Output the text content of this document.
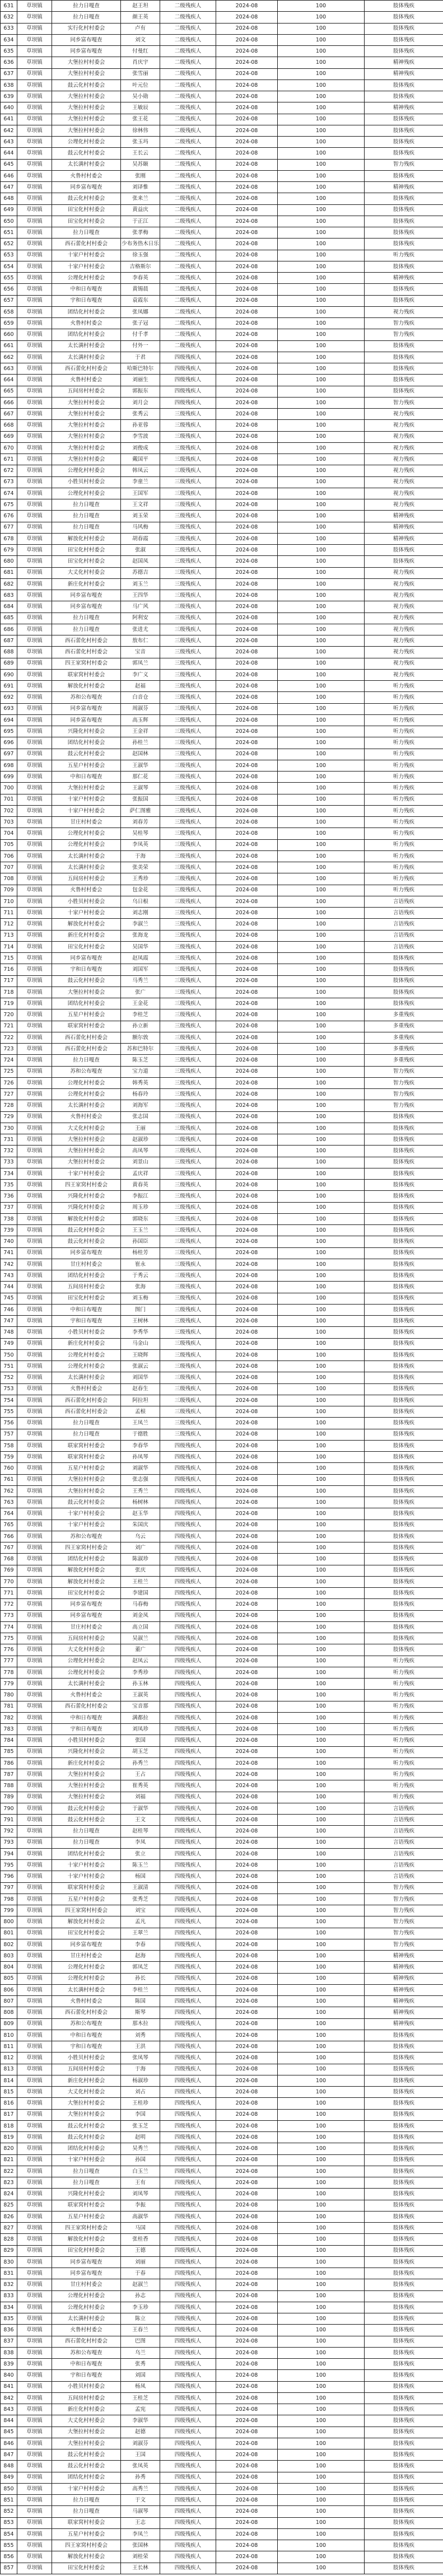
631	草坝镇	拉力日嘎查	赵王坦	二级残疾人	2024-08	100	肢体残疾
632	草坝镇	拉力日嘎查	颜王英	二级残疾人	2024-08	100	肢体残疾
633	草坝镇	实行化村村委会	卢有	二级残疾人	2024-08	100	肢体残疾
634	草坝镇	同乡富布嘎查	刘文	二级残疾人	2024-08	100	肢体残疾
635	草坝镇	同乡富布嘎查	付曼红	二级残疾人	2024-08	100	肢体残疾
636	草坝镇	大堡拉村村委会	肖庆宇	二级残疾人	2024-08	100	精神残疾
637	草坝镇	大堡拉村村委会	张雪丽	二级残疾人	2024-08	100	精神残疾
638	草坝镇	鼓云化村村委会	叶元位	二级残疾人	2024-08	100	肢体残疾
639	草坝镇	大堡拉村村委会	吴小勋	二级残疾人	2024-08	100	肢体残疾
640	草坝镇	大堡拉村村委会	王敏辰	二级残疾人	2024-08	100	精神残疾
641	草坝镇	大堡拉村村委会	张王花	二级残疾人	2024-08	100	肢体残疾
642	草坝镇	大堡拉村村委会	徐林伟	二级残疾人	2024-08	100	肢体残疾
643	草坝镇	公理化村村委会	张玉玛	二级残疾人	2024-08	100	肢体残疾
644	草坝镇	鼓云化村村委会	王长云	二级残疾人	2024-08	100	肢体残疾
645	草坝镇	太长满村村委会	吴苏颐	二级残疾人	2024-08	100	智力残疾
646	草坝镇	火鲁村村委会	张刚	二级残疾人	2024-08	100	肢体残疾
647	草坝镇	同乡富布嘎查	刘译惟	二级残疾人	2024-08	100	精神残疾
648	草坝镇	鼓云化村村委会	张来兰	二级残疾人	2024-08	100	肢体残疾
649	草坝镇	田宝化村村委会	黄益庆	二级残疾人	2024-08	100	肢体残疾
650	草坝镇	田宝化村村委会	于正江	二级残疾人	2024-08	100	肢体残疾
651	草坝镇	拉力日嘎查	张孝梅	二级残疾人	2024-08	100	肢体残疾
652	草坝镇	西石蕾化村村委会	少布务热木日乐	二级残疾人	2024-08	100	肢体残疾
653	草坝镇	十家户村村委会	徐玉强	二级残疾人	2024-08	100	听力残疾
654	草坝镇	十家户村村委会	吉格斯尔	二级残疾人	2024-08	100	肢体残疾
655	草坝镇	公理化村村委会	李春英	二级残疾人	2024-08	100	精神残疾
656	草坝镇	中和日布嘎查	黄锡晨	二级残疾人	2024-08	100	肢体残疾
657	草坝镇	宇和日布嘎查	袁霞东	二级残疾人	2024-08	100	肢体残疾
658	草坝镇	团结化村村委会	张凤娜	二级残疾人	2024-08	100	视力残疾
659	草坝镇	火鲁村村委会	张子冠	二级残疾人	2024-08	100	智力残疾
660	草坝镇	团结化村村委会	付千孝	二级残疾人	2024-08	100	智力残疾
661	草坝镇	太长满村村委会	付外一	二级残疾人	2024-08	100	肢体残疾
662	草坝镇	太长满村村委会	于君	四级残疾人	2024-08	100	肢体残疾
663	草坝镇	西石蕾化村村委会	哈斯巴特尔	四级残疾人	2024-08	100	肢体残疾
664	草坝镇	火鲁村村委会	刘丽生	四级残疾人	2024-08	100	肢体残疾
665	草坝镇	五间房村村委会	郭振东	四级残疾人	2024-08	100	肢体残疾
666	草坝镇	大堡拉村村委会	刘月会	四级残疾人	2024-08	100	智力残疾
667	草坝镇	大堡拉村村委会	张秀云	三级残疾人	2024-08	100	视力残疾
668	草坝镇	大堡拉村村委会	孙亚蓉	三级残疾人	2024-08	100	视力残疾
669	草坝镇	大堡拉村村委会	李雪波	三级残疾人	2024-08	100	视力残疾
670	草坝镇	大堡拉村村委会	刘俊成	三级残疾人	2024-08	100	视力残疾
671	草坝镇	大堡拉村村委会	戴国平	三级残疾人	2024-08	100	视力残疾
672	草坝镇	公理化村村委会	韩凤云	三级残疾人	2024-08	100	视力残疾
673	草坝镇	小胜贝村村委会	李童兰	三级残疾人	2024-08	100	视力残疾
674	草坝镇	公理化村村委会	王国军	三级残疾人	2024-08	100	视力残疾
675	草坝镇	拉力日嘎查	王文祥	三级残疾人	2024-08	100	视力残疾
676	草坝镇	拉力日嘎查	刘玉荣	三级残疾人	2024-08	100	精神残疾
677	草坝镇	拉力日嘎查	马风梅	三级残疾人	2024-08	100	精神残疾
678	草坝镇	解放化村村委会	胡春霞	三级残疾人	2024-08	100	精神残疾
679	草坝镇	田宝化村村委会	张淑	三级残疾人	2024-08	100	肢体残疾
680	草坝镇	田宝化村村委会	赵国凤	三级残疾人	2024-08	100	肢体残疾
681	草坝镇	大丈化村村委会	苏德吉	三级残疾人	2024-08	100	视力残疾
682	草坝镇	新庄化村村委会	刘玉兰	三级残疾人	2024-08	100	视力残疾
683	草坝镇	同乡富布嘎查	王四华	三级残疾人	2024-08	100	视力残疾
684	草坝镇	同乡富布嘎查	马广风	三级残疾人	2024-08	100	视力残疾
685	草坝镇	拉力日嘎查	阿利安	三级残疾人	2024-08	100	视力残疾
686	草坝镇	拉力日嘎查	张进尤	三级残疾人	2024-08	100	视力残疾
687	草坝镇	西石蕾化村村委会	敖布仁	三级残疾人	2024-08	100	视力残疾
688	草坝镇	西石蕾化村村委会	宝音	三级残疾人	2024-08	100	视力残疾
689	草坝镇	四王家窝村村委会	郭凤兰	三级残疾人	2024-08	100	视力残疾
690	草坝镇	联家窝村村委会	李广义	三级残疾人	2024-08	100	视力残疾
691	草坝镇	解放化村村委会	赵福	三级残疾人	2024-08	100	听力残疾
692	草坝镇	苏和公布嘎查	白音仓	三级残疾人	2024-08	100	听力残疾
693	草坝镇	同乡富布嘎查	周淑芬	三级残疾人	2024-08	100	听力残疾
694	草坝镇	同乡富布嘎查	高玉辉	三级残疾人	2024-08	100	听力残疾
695	草坝镇	兴隆化村村委会	王金祥	三级残疾人	2024-08	100	听力残疾
696	草坝镇	团结化村村委会	孙桂兰	三级残疾人	2024-08	100	听力残疾
697	草坝镇	鼓云化村村委会	赵国林	三级残疾人	2024-08	100	听力残疾
698	草坝镇	五星户村村委会	王淑华	三级残疾人	2024-08	100	听力残疾
699	草坝镇	中和日布嘎查	那仁花	三级残疾人	2024-08	100	听力残疾
700	草坝镇	大堡拉村村委会	王淑琴	三级残疾人	2024-08	100	听力残疾
701	草坝镇	十家户村村委会	张振国	三级残疾人	2024-08	100	听力残疾
702	草坝镇	十家户村村委会	萨仁图雅	三级残疾人	2024-08	100	听力残疾
703	草坝镇	甘庄村村委会	刘春芳	三级残疾人	2024-08	100	听力残疾
704	草坝镇	公理化村村委会	吴桂琴	三级残疾人	2024-08	100	听力残疾
705	草坝镇	公理化村村委会	李凤英	三级残疾人	2024-08	100	听力残疾
706	草坝镇	太长满村村委会	于海	三级残疾人	2024-08	100	听力残疾
707	草坝镇	太长满村村委会	张美荣	三级残疾人	2024-08	100	听力残疾
708	草坝镇	五间房村村委会	王秀珍	三级残疾人	2024-08	100	听力残疾
709	草坝镇	火鲁村村委会	包金花	三级残疾人	2024-08	100	听力残疾
710	草坝镇	小胜贝村村委会	乌日根	三级残疾人	2024-08	100	言语残疾
711	草坝镇	十家户村村委会	刘志刚	三级残疾人	2024-08	100	言语残疾
712	草坝镇	解放化村村委会	李淑兰	三级残疾人	2024-08	100	言语残疾
713	草坝镇	新庄化村村委会	张海龙	三级残疾人	2024-08	100	言语残疾
714	草坝镇	田宝化村村委会	吴国华	三级残疾人	2024-08	100	言语残疾
715	草坝镇	同乡富布嘎查	赵凤霞	三级残疾人	2024-08	100	肢体残疾
716	草坝镇	宇和日布嘎查	刘国军	三级残疾人	2024-08	100	肢体残疾
717	草坝镇	鼓云化村村委会	马秀兰	三级残疾人	2024-08	100	肢体残疾
718	草坝镇	大堡拉村村委会	张广	三级残疾人	2024-08	100	肢体残疾
719	草坝镇	团结化村村委会	王金花	三级残疾人	2024-08	100	肢体残疾
720	草坝镇	五星户村村委会	李桂芝	三级残疾人	2024-08	100	多重残疾
721	草坝镇	联家窝村村委会	孙立新	三级残疾人	2024-08	100	多重残疾
722	草坝镇	西石蕾化村村委会	额尔敦	三级残疾人	2024-08	100	多重残疾
723	草坝镇	西石蕾化村村委会	苏和巴特尔	三级残疾人	2024-08	100	多重残疾
724	草坝镇	拉力日嘎查	陈玉芝	三级残疾人	2024-08	100	多重残疾
725	草坝镇	苏和公布嘎查	宝力道	三级残疾人	2024-08	100	智力残疾
726	草坝镇	公理化村村委会	韩秀英	三级残疾人	2024-08	100	智力残疾
727	草坝镇	公理化村村委会	杨春玲	三级残疾人	2024-08	100	智力残疾
728	草坝镇	太长满村村委会	刘海军	三级残疾人	2024-08	100	智力残疾
729	草坝镇	火鲁村村委会	张志国	三级残疾人	2024-08	100	肢体残疾
730	草坝镇	大丈化村村委会	王丽	三级残疾人	2024-08	100	肢体残疾
731	草坝镇	大堡拉村村委会	赵淑珍	三级残疾人	2024-08	100	肢体残疾
732	草坝镇	大堡拉村村委会	高凤琴	三级残疾人	2024-08	100	肢体残疾
733	草坝镇	大堡拉村村委会	刘景山	三级残疾人	2024-08	100	肢体残疾
734	草坝镇	十家户村村委会	孟庆祥	三级残疾人	2024-08	100	肢体残疾
735	草坝镇	四王家窝村村委会	黄春英	三级残疾人	2024-08	100	肢体残疾
736	草坝镇	兴隆化村村委会	李振江	三级残疾人	2024-08	100	肢体残疾
737	草坝镇	兴隆化村村委会	周玉珍	三级残疾人	2024-08	100	肢体残疾
738	草坝镇	解放化村村委会	郭晓东	三级残疾人	2024-08	100	肢体残疾
739	草坝镇	鼓云化村村委会	王玉兰	三级残疾人	2024-08	100	肢体残疾
740	草坝镇	鼓云化村村委会	孙国臣	三级残疾人	2024-08	100	肢体残疾
741	草坝镇	同乡富布嘎查	杨桂芳	三级残疾人	2024-08	100	肢体残疾
742	草坝镇	甘庄村村委会	崔永	三级残疾人	2024-08	100	肢体残疾
743	草坝镇	团结化村村委会	于秀云	三级残疾人	2024-08	100	肢体残疾
744	草坝镇	五间房村村委会	张海	三级残疾人	2024-08	100	肢体残疾
745	草坝镇	田宝化村村委会	刘玉梅	三级残疾人	2024-08	100	肢体残疾
746	草坝镇	中和日布嘎查	图门	三级残疾人	2024-08	100	肢体残疾
747	草坝镇	宇和日布嘎查	王树林	三级残疾人	2024-08	100	肢体残疾
748	草坝镇	小胜贝村村委会	李秀华	三级残疾人	2024-08	100	肢体残疾
749	草坝镇	新庄化村村委会	马金山	三级残疾人	2024-08	100	肢体残疾
750	草坝镇	公理化村村委会	王晓辉	三级残疾人	2024-08	100	肢体残疾
751	草坝镇	公理化村村委会	张淑云	三级残疾人	2024-08	100	肢体残疾
752	草坝镇	太长满村村委会	刘国华	三级残疾人	2024-08	100	肢体残疾
753	草坝镇	火鲁村村委会	赵春生	三级残疾人	2024-08	100	肢体残疾
754	草坝镇	西石蕾化村村委会	阿拉坦	三级残疾人	2024-08	100	肢体残疾
755	草坝镇	西石蕾化村村委会	孟根	三级残疾人	2024-08	100	肢体残疾
756	草坝镇	拉力日嘎查	王凤兰	三级残疾人	2024-08	100	肢体残疾
757	草坝镇	拉力日嘎查	于德胜	三级残疾人	2024-08	100	肢体残疾
758	草坝镇	联家窝村村委会	李春华	四级残疾人	2024-08	100	肢体残疾
759	草坝镇	联家窝村村委会	孙凤琴	四级残疾人	2024-08	100	肢体残疾
760	草坝镇	五星户村村委会	刘淑华	四级残疾人	2024-08	100	肢体残疾
761	草坝镇	大堡拉村村委会	张志强	四级残疾人	2024-08	100	肢体残疾
762	草坝镇	大堡拉村村委会	王秀兰	四级残疾人	2024-08	100	肢体残疾
763	草坝镇	鼓云化村村委会	杨树林	四级残疾人	2024-08	100	肢体残疾
764	草坝镇	十家户村村委会	赵玉华	四级残疾人	2024-08	100	肢体残疾
765	草坝镇	十家户村村委会	朱国庆	四级残疾人	2024-08	100	肢体残疾
766	草坝镇	苏和公布嘎查	乌云	四级残疾人	2024-08	100	肢体残疾
767	草坝镇	四王家窝村村委会	刘广	四级残疾人	2024-08	100	肢体残疾
768	草坝镇	团结化村村委会	陈淑珍	四级残疾人	2024-08	100	肢体残疾
769	草坝镇	解放化村村委会	张庆	四级残疾人	2024-08	100	肢体残疾
770	草坝镇	解放化村村委会	王桂兰	四级残疾人	2024-08	100	肢体残疾
771	草坝镇	田宝化村村委会	李建国	四级残疾人	2024-08	100	肢体残疾
772	草坝镇	同乡富布嘎查	马春梅	四级残疾人	2024-08	100	肢体残疾
773	草坝镇	同乡富布嘎查	刘金凤	四级残疾人	2024-08	100	肢体残疾
774	草坝镇	甘庄村村委会	高立国	四级残疾人	2024-08	100	肢体残疾
775	草坝镇	五间房村村委会	吴淑兰	四级残疾人	2024-08	100	肢体残疾
776	草坝镇	大丈化村村委会	董广	四级残疾人	2024-08	100	肢体残疾
777	草坝镇	公理化村村委会	赵凤云	四级残疾人	2024-08	100	听力残疾
778	草坝镇	公理化村村委会	李秀珍	四级残疾人	2024-08	100	听力残疾
779	草坝镇	太长满村村委会	孙玉林	四级残疾人	2024-08	100	听力残疾
780	草坝镇	火鲁村村委会	王淑英	四级残疾人	2024-08	100	听力残疾
781	草坝镇	西石蕾化村村委会	宝音那	四级残疾人	2024-08	100	听力残疾
782	草坝镇	中和日布嘎查	满都拉	四级残疾人	2024-08	100	听力残疾
783	草坝镇	宇和日布嘎查	刘凤珍	四级残疾人	2024-08	100	听力残疾
784	草坝镇	小胜贝村村委会	张国	四级残疾人	2024-08	100	听力残疾
785	草坝镇	兴隆化村村委会	胡玉芝	四级残疾人	2024-08	100	听力残疾
786	草坝镇	新庄化村村委会	孙秀兰	四级残疾人	2024-08	100	听力残疾
787	草坝镇	大堡拉村村委会	王占	四级残疾人	2024-08	100	听力残疾
788	草坝镇	大堡拉村村委会	崔秀英	四级残疾人	2024-08	100	听力残疾
789	草坝镇	大堡拉村村委会	刘福	四级残疾人	2024-08	100	听力残疾
790	草坝镇	鼓云化村村委会	于淑华	四级残疾人	2024-08	100	言语残疾
791	草坝镇	鼓云化村村委会	王文	四级残疾人	2024-08	100	言语残疾
792	草坝镇	拉力日嘎查	赵桂琴	四级残疾人	2024-08	100	言语残疾
793	草坝镇	拉力日嘎查	李凤	四级残疾人	2024-08	100	言语残疾
794	草坝镇	团结化村村委会	张立	四级残疾人	2024-08	100	言语残疾
795	草坝镇	十家户村村委会	陈玉兰	四级残疾人	2024-08	100	言语残疾
796	草坝镇	十家户村村委会	杨国	四级残疾人	2024-08	100	言语残疾
797	草坝镇	联家窝村村委会	王淑清	四级残疾人	2024-08	100	智力残疾
798	草坝镇	五星户村村委会	张秀芝	四级残疾人	2024-08	100	智力残疾
799	草坝镇	四王家窝村村委会	刘宝	四级残疾人	2024-08	100	智力残疾
800	草坝镇	解放化村村委会	孟凡	四级残疾人	2024-08	100	智力残疾
801	草坝镇	田宝化村村委会	王翠兰	四级残疾人	2024-08	100	智力残疾
802	草坝镇	同乡富布嘎查	李春	四级残疾人	2024-08	100	智力残疾
803	草坝镇	甘庄村村委会	赵海	四级残疾人	2024-08	100	精神残疾
804	草坝镇	公理化村村委会	郭凤芝	四级残疾人	2024-08	100	精神残疾
805	草坝镇	公理化村村委会	孙长	四级残疾人	2024-08	100	精神残疾
806	草坝镇	太长满村村委会	李桂兰	四级残疾人	2024-08	100	精神残疾
807	草坝镇	火鲁村村委会	陈国	四级残疾人	2024-08	100	精神残疾
808	草坝镇	西石蕾化村村委会	斯琴	四级残疾人	2024-08	100	精神残疾
809	草坝镇	苏和公布嘎查	那木拉	四级残疾人	2024-08	100	精神残疾
810	草坝镇	中和日布嘎查	刘秀	四级残疾人	2024-08	100	肢体残疾
811	草坝镇	宇和日布嘎查	王洪	四级残疾人	2024-08	100	肢体残疾
812	草坝镇	小胜贝村村委会	张凤琴	四级残疾人	2024-08	100	肢体残疾
813	草坝镇	五间房村村委会	于海	四级残疾人	2024-08	100	肢体残疾
814	草坝镇	新庄化村村委会	杨淑珍	四级残疾人	2024-08	100	肢体残疾
815	草坝镇	大丈化村村委会	刘占	四级残疾人	2024-08	100	肢体残疾
816	草坝镇	大堡拉村村委会	王桂珍	四级残疾人	2024-08	100	肢体残疾
817	草坝镇	大堡拉村村委会	李国	四级残疾人	2024-08	100	肢体残疾
818	草坝镇	鼓云化村村委会	张玉芝	四级残疾人	2024-08	100	肢体残疾
819	草坝镇	鼓云化村村委会	赵明	四级残疾人	2024-08	100	肢体残疾
820	草坝镇	团结化村村委会	吴秀兰	四级残疾人	2024-08	100	肢体残疾
821	草坝镇	十家户村村委会	孙国	四级残疾人	2024-08	100	肢体残疾
822	草坝镇	拉力日嘎查	白玉兰	四级残疾人	2024-08	100	肢体残疾
823	草坝镇	拉力日嘎查	王有	四级残疾人	2024-08	100	肢体残疾
824	草坝镇	兴隆化村村委会	刘凤琴	四级残疾人	2024-08	100	肢体残疾
825	草坝镇	联家窝村村委会	李振	四级残疾人	2024-08	100	肢体残疾
826	草坝镇	五星户村村委会	高淑华	四级残疾人	2024-08	100	肢体残疾
827	草坝镇	四王家窝村村委会	马国	四级残疾人	2024-08	100	肢体残疾
828	草坝镇	解放化村村委会	张桂香	四级残疾人	2024-08	100	肢体残疾
829	草坝镇	田宝化村村委会	王德	四级残疾人	2024-08	100	肢体残疾
830	草坝镇	同乡富布嘎查	刘丽	四级残疾人	2024-08	100	肢体残疾
831	草坝镇	同乡富布嘎查	于春	四级残疾人	2024-08	100	肢体残疾
832	草坝镇	甘庄村村委会	赵淑兰	四级残疾人	2024-08	100	肢体残疾
833	草坝镇	公理化村村委会	孙志	四级残疾人	2024-08	100	肢体残疾
834	草坝镇	公理化村村委会	李玉珍	四级残疾人	2024-08	100	肢体残疾
835	草坝镇	太长满村村委会	陈立	四级残疾人	2024-08	100	肢体残疾
836	草坝镇	火鲁村村委会	王春兰	四级残疾人	2024-08	100	肢体残疾
837	草坝镇	西石蕾化村村委会	巴图	四级残疾人	2024-08	100	肢体残疾
838	草坝镇	苏和公布嘎查	乌兰	四级残疾人	2024-08	100	肢体残疾
839	草坝镇	中和日布嘎查	张秀	四级残疾人	2024-08	100	肢体残疾
840	草坝镇	宇和日布嘎查	刘国	四级残疾人	2024-08	100	肢体残疾
841	草坝镇	小胜贝村村委会	杨凤	四级残疾人	2024-08	100	肢体残疾
842	草坝镇	五间房村村委会	王桂芝	四级残疾人	2024-08	100	肢体残疾
843	草坝镇	新庄化村村委会	孟宪	四级残疾人	2024-08	100	肢体残疾
844	草坝镇	大丈化村村委会	李淑华	四级残疾人	2024-08	100	肢体残疾
845	草坝镇	大堡拉村村委会	赵德	四级残疾人	2024-08	100	肢体残疾
846	草坝镇	大堡拉村村委会	刘淑芬	四级残疾人	2024-08	100	肢体残疾
847	草坝镇	鼓云化村村委会	王国	四级残疾人	2024-08	100	肢体残疾
848	草坝镇	鼓云化村村委会	张凤英	四级残疾人	2024-08	100	肢体残疾
849	草坝镇	团结化村村委会	孙秀	四级残疾人	2024-08	100	肢体残疾
850	草坝镇	十家户村村委会	高秀兰	四级残疾人	2024-08	100	肢体残疾
851	草坝镇	拉力日嘎查	于文	四级残疾人	2024-08	100	肢体残疾
852	草坝镇	拉力日嘎查	马淑琴	四级残疾人	2024-08	100	肢体残疾
853	草坝镇	联家窝村村委会	王志	四级残疾人	2024-08	100	肢体残疾
854	草坝镇	五星户村村委会	李凤兰	四级残疾人	2024-08	100	肢体残疾
855	草坝镇	四王家窝村村委会	张国林	四级残疾人	2024-08	100	肢体残疾
856	草坝镇	解放化村村委会	刘桂荣	四级残疾人	2024-08	100	肢体残疾
857	草坝镇	田宝化村村委会	王长林	四级残疾人	2024-08	100	肢体残疾
